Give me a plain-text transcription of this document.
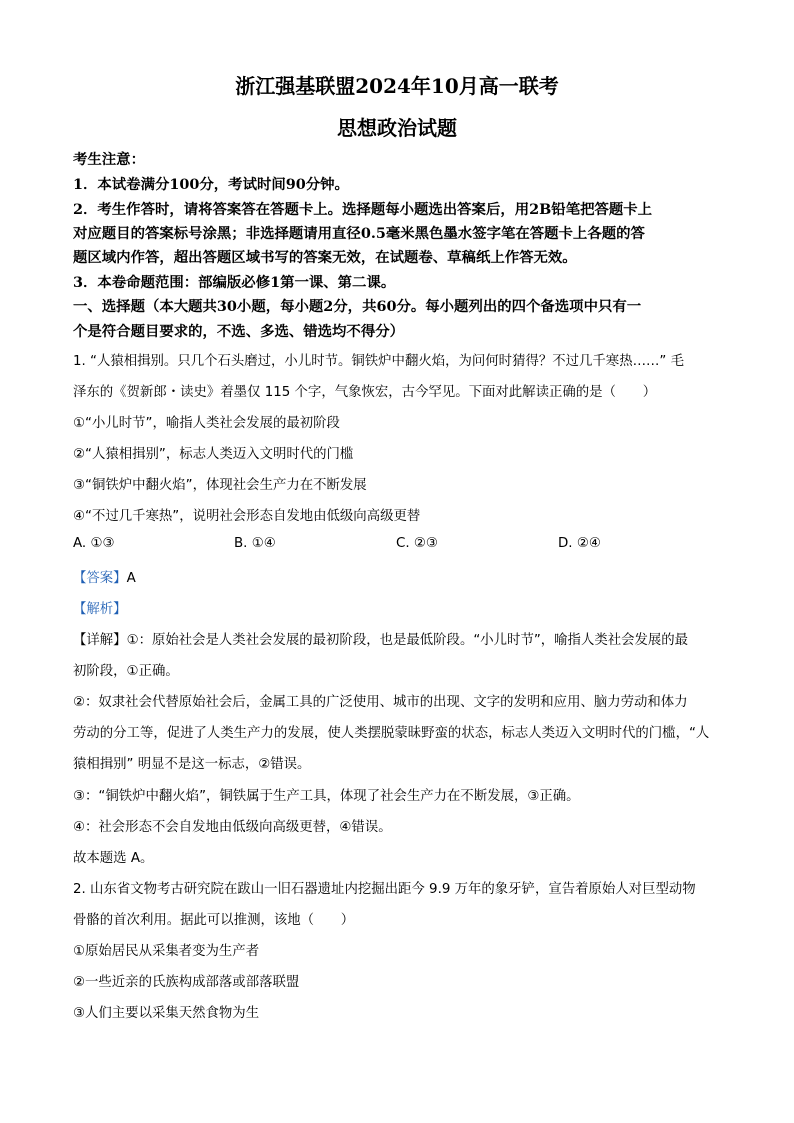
浙江强基联盟2024年10月高一联考
思想政治试题
考生注意：
1．本试卷满分100分，考试时间90分钟。
2．考生作答时，请将答案答在答题卡上。选择题每小题选出答案后，用2B铅笔把答题卡上
对应题目的答案标号涂黑；非选择题请用直径0.5毫米黑色墨水签字笔在答题卡上各题的答
题区域内作答，超出答题区域书写的答案无效，在试题卷、草稿纸上作答无效。
3．本卷命题范围：部编版必修1第一课、第二课。
一、选择题（本大题共30小题，每小题2分，共60分。每小题列出的四个备选项中只有一
个是符合题目要求的，不选、多选、错选均不得分）
1. “人猿相揖别。只几个石头磨过，小儿时节。铜铁炉中翻火焰，为问何时猜得？不过几千寒热……” 毛
泽东的《贺新郎・读史》着墨仅 115 个字，气象恢宏，古今罕见。下面对此解读正确的是（　　）
①“小儿时节”，喻指人类社会发展的最初阶段
②“人猿相揖别”，标志人类迈入文明时代的门槛
③“铜铁炉中翻火焰”，体现社会生产力在不断发展
④“不过几千寒热”，说明社会形态自发地由低级向高级更替
A. ①③	B. ①④	C. ②③	D. ②④
【答案】A
【解析】
【详解】①：原始社会是人类社会发展的最初阶段，也是最低阶段。“小儿时节”，喻指人类社会发展的最
初阶段，①正确。
②：奴隶社会代替原始社会后，金属工具的广泛使用、城市的出现、文字的发明和应用、脑力劳动和体力
劳动的分工等，促进了人类生产力的发展，使人类摆脱蒙昧野蛮的状态，标志人类迈入文明时代的门槛，“人
猿相揖别” 明显不是这一标志，②错误。
③：“铜铁炉中翻火焰”，铜铁属于生产工具，体现了社会生产力在不断发展，③正确。
④：社会形态不会自发地由低级向高级更替，④错误。
故本题选 A。
2. 山东省文物考古研究院在跋山一旧石器遗址内挖掘出距今 9.9 万年的象牙铲，宣告着原始人对巨型动物
骨骼的首次利用。据此可以推测，该地（　　）
①原始居民从采集者变为生产者
②一些近亲的氏族构成部落或部落联盟
③人们主要以采集天然食物为生
